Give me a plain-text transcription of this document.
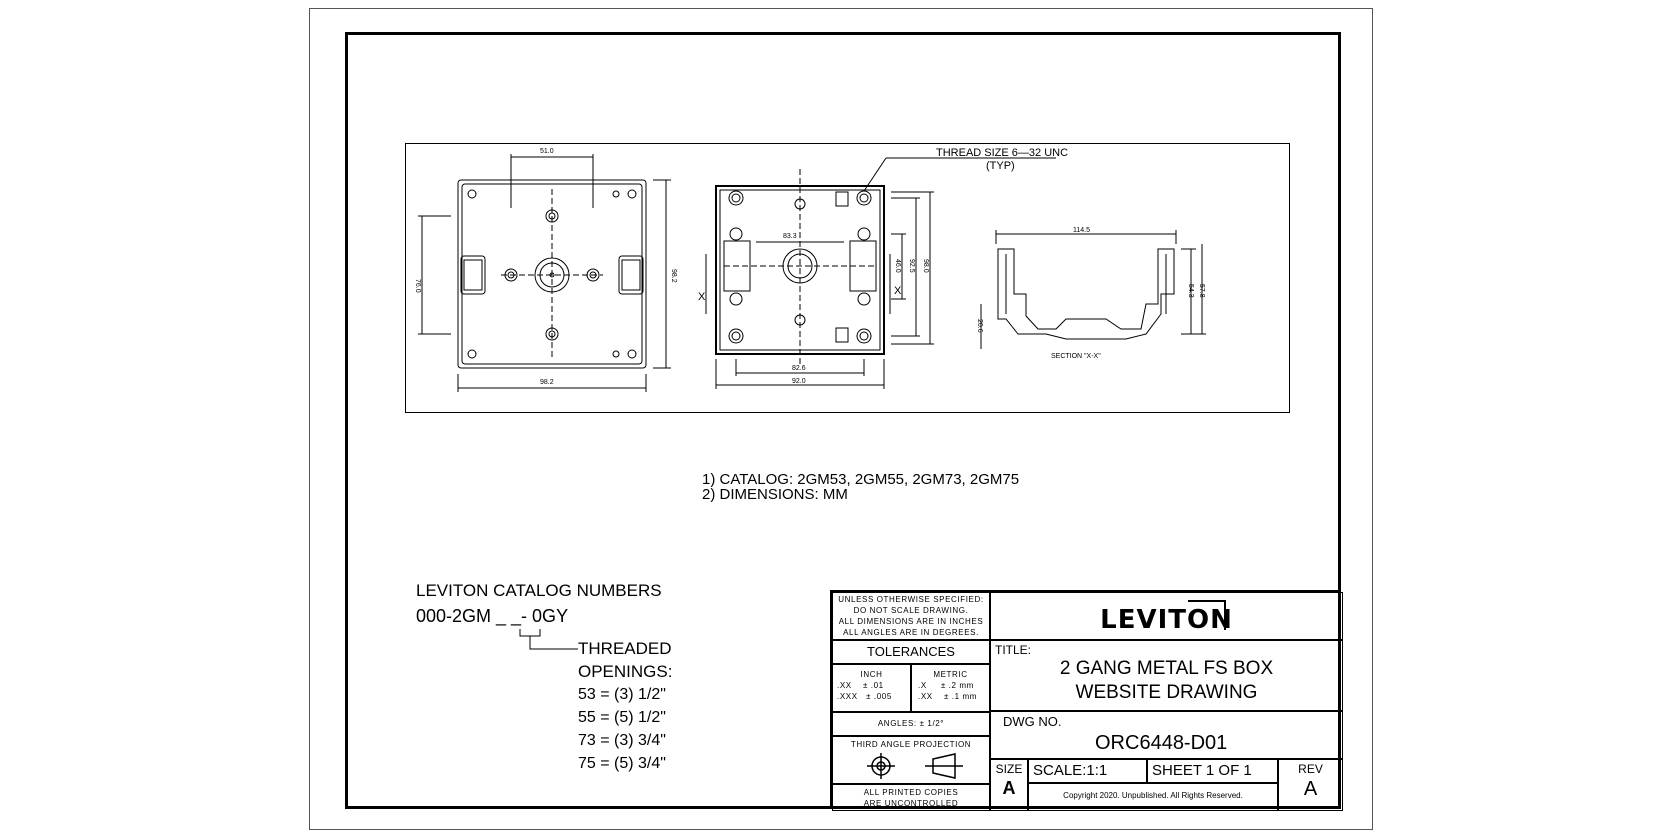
51.0
76.0
98.2
98.2
83.3
46.0 92.5 98.0
82.6
92.0
114.5
20.6
54.3 57.8
SECTION "X-X"
X	X
THREAD SIZE 6—32 UNC
(TYP)
1) CATALOG: 2GM53, 2GM55, 2GM73, 2GM75
2) DIMENSIONS: MM
LEVITON CATALOG NUMBERS
000-2GM _ _- 0GY
THREADED
OPENINGS:
53 = (3) 1/2"
55 = (5) 1/2"
73 = (3) 3/4"
75 = (5) 3/4"
UNLESS OTHERWISE SPECIFIED:
DO NOT SCALE DRAWING.
ALL DIMENSIONS ARE IN INCHES
ALL ANGLES ARE IN DEGREES.
TOLERANCES
INCH
.XX    ± .01
.XXX   ± .005
METRIC
.X     ± .2 mm
.XX    ± .1 mm
ANGLES: ± 1/2°
THIRD ANGLE PROJECTION
ALL PRINTED COPIES
ARE UNCONTROLLED
LEVITON
TITLE:
2 GANG METAL FS BOX
WEBSITE DRAWING
DWG NO.
ORC6448-D01
SIZE
A
SCALE:1:1	SHEET 1 OF 1
Copyright 2020. Unpublished. All Rights Reserved.
REV
A
